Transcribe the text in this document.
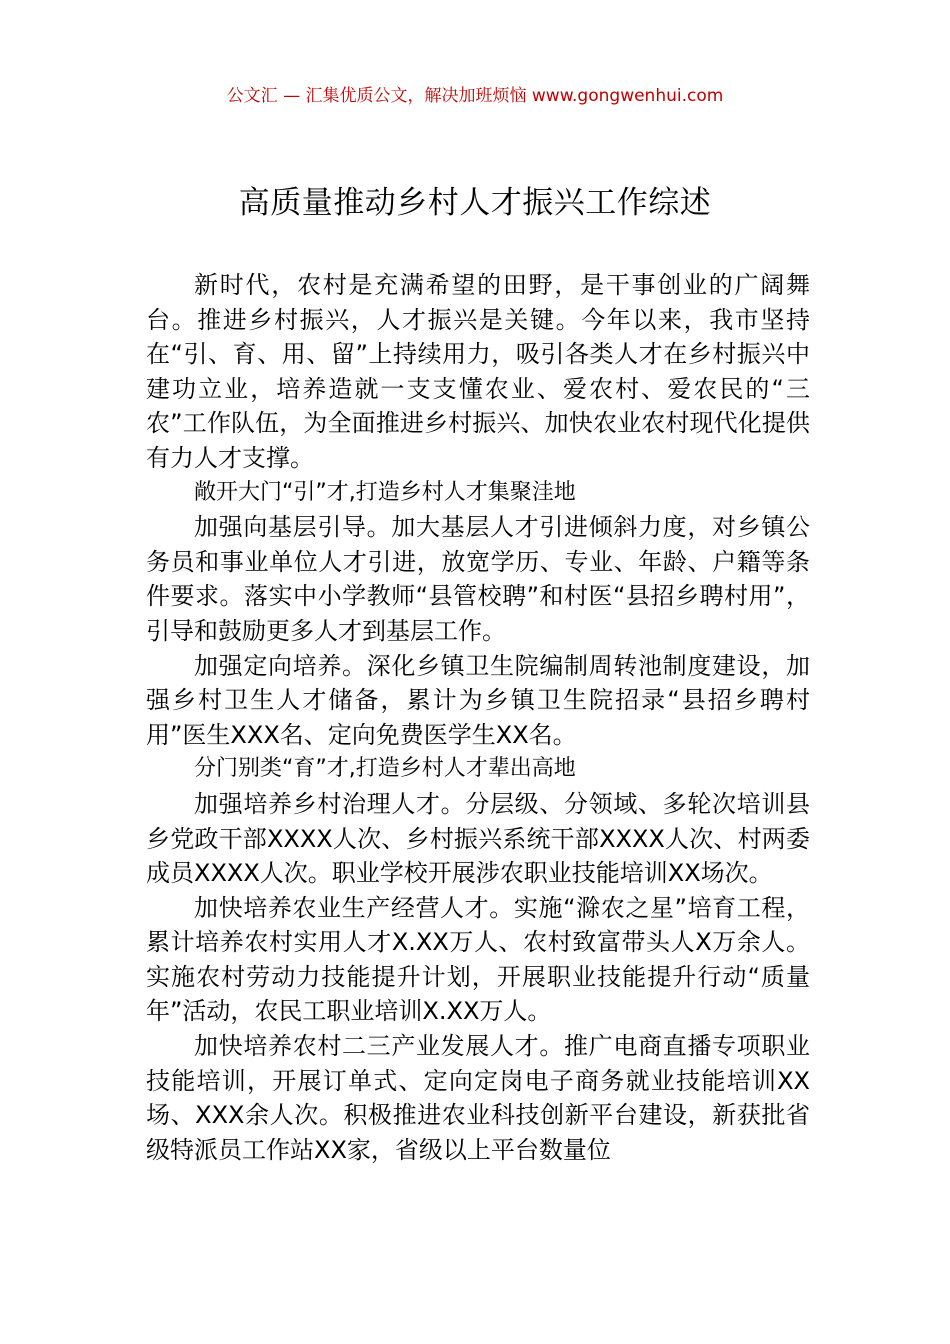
公文汇 — 汇集优质公文，解决加班烦恼 www.gongwenhui.com
高质量推动乡村人才振兴工作综述

新时代，农村是充满希望的田野，是干事创业的广阔舞台。推进乡村振兴，人才振兴是关键。今年以来，我市坚持在“引、育、用、留”上持续用力，吸引各类人才在乡村振兴中建功立业，培养造就一支支懂农业、爱农村、爱农民的“三农”工作队伍，为全面推进乡村振兴、加快农业农村现代化提供有力人才支撑。

敞开大门“引”才,打造乡村人才集聚洼地

加强向基层引导。加大基层人才引进倾斜力度，对乡镇公务员和事业单位人才引进，放宽学历、专业、年龄、户籍等条件要求。落实中小学教师“县管校聘”和村医“县招乡聘村用”，引导和鼓励更多人才到基层工作。

加强定向培养。深化乡镇卫生院编制周转池制度建设，加强乡村卫生人才储备，累计为乡镇卫生院招录“县招乡聘村用”医生XXX名、定向免费医学生XX名。

分门别类“育”才,打造乡村人才辈出高地

加强培养乡村治理人才。分层级、分领域、多轮次培训县乡党政干部XXXX人次、乡村振兴系统干部XXXX人次、村两委成员XXXX人次。职业学校开展涉农职业技能培训XX场次。

加快培养农业生产经营人才。实施“滁农之星”培育工程，累计培养农村实用人才X.XX万人、农村致富带头人X万余人。实施农村劳动力技能提升计划，开展职业技能提升行动“质量年”活动，农民工职业培训X.XX万人。

加快培养农村二三产业发展人才。推广电商直播专项职业技能培训，开展订单式、定向定岗电子商务就业技能培训XX场、XXX余人次。积极推进农业科技创新平台建设，新获批省级特派员工作站XX家，省级以上平台数量位
